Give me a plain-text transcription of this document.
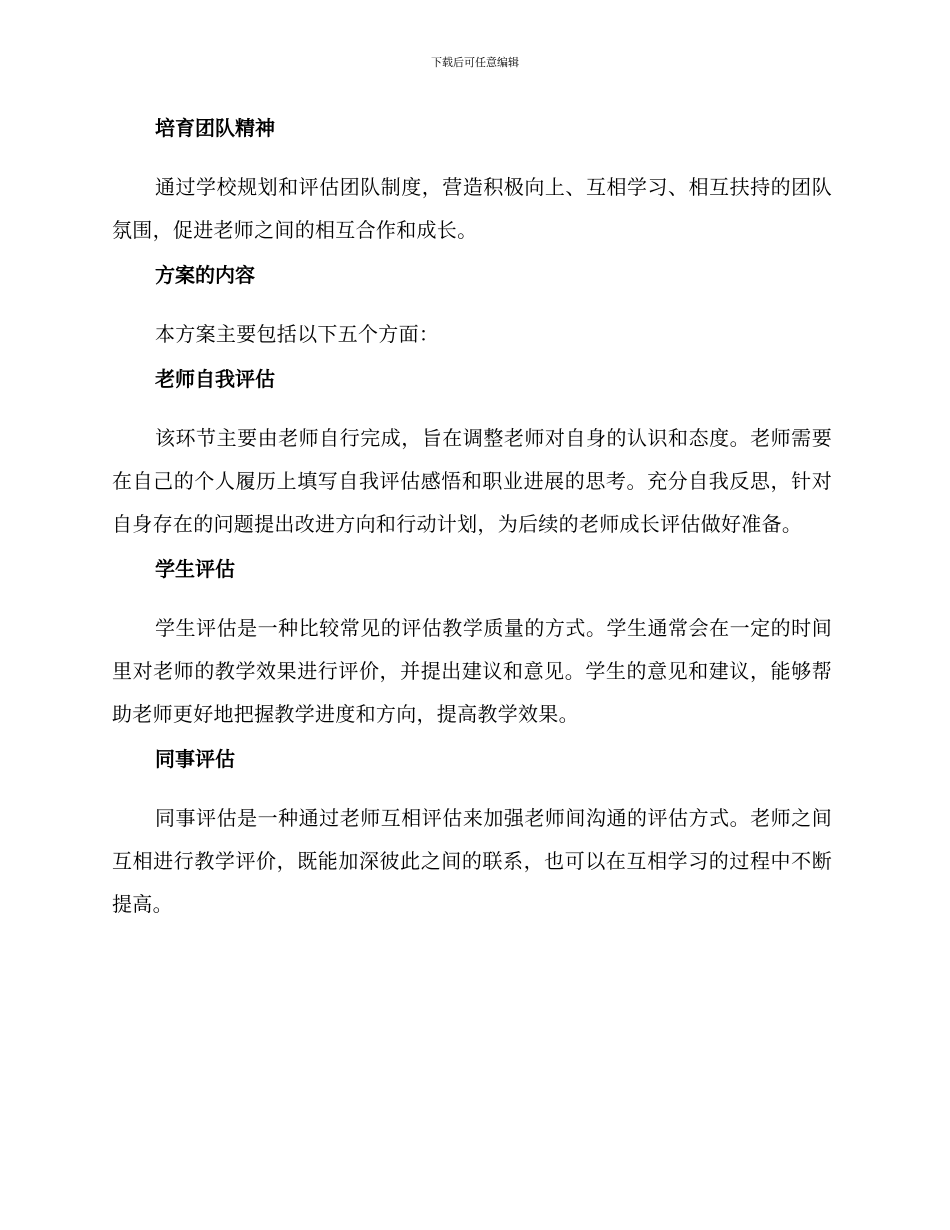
下载后可任意编辑
培育团队精神

通过学校规划和评估团队制度，营造积极向上、互相学习、相互扶持的团队氛围，促进老师之间的相互合作和成长。

方案的内容

本方案主要包括以下五个方面：

老师自我评估

该环节主要由老师自行完成，旨在调整老师对自身的认识和态度。老师需要在自己的个人履历上填写自我评估感悟和职业进展的思考。充分自我反思，针对自身存在的问题提出改进方向和行动计划，为后续的老师成长评估做好准备。

学生评估

学生评估是一种比较常见的评估教学质量的方式。学生通常会在一定的时间里对老师的教学效果进行评价，并提出建议和意见。学生的意见和建议，能够帮助老师更好地把握教学进度和方向，提高教学效果。

同事评估

同事评估是一种通过老师互相评估来加强老师间沟通的评估方式。老师之间互相进行教学评价，既能加深彼此之间的联系，也可以在互相学习的过程中不断提高。
